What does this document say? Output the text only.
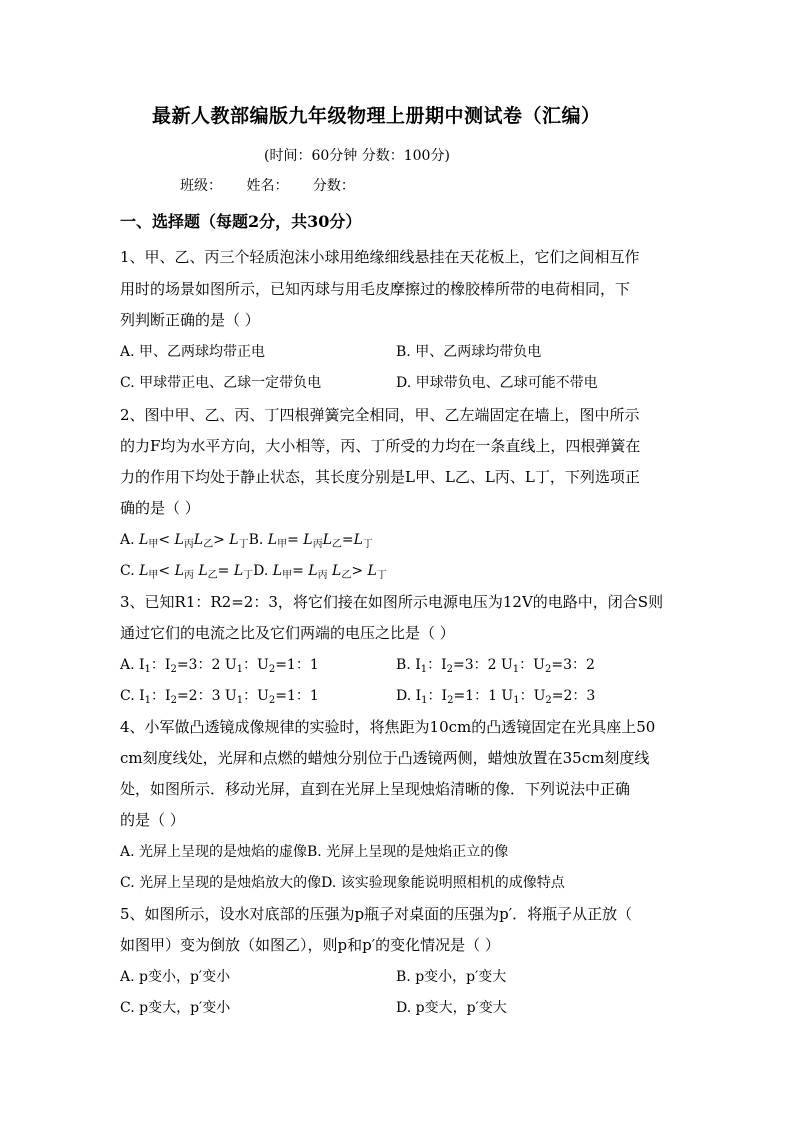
最新人教部编版九年级物理上册期中测试卷（汇编）
(时间：60分钟 分数：100分)
班级： 姓名： 分数：
一、选择题（每题2分，共30分）
1、甲、乙、丙三个轻质泡沫小球用绝缘细线悬挂在天花板上，它们之间相互作
用时的场景如图所示，已知丙球与用毛皮摩擦过的橡胶棒所带的电荷相同，下
列判断正确的是（ ）
A. 甲、乙两球均带正电	B. 甲、乙两球均带负电
C. 甲球带正电、乙球一定带负电	D. 甲球带负电、乙球可能不带电
2、图中甲、乙、丙、丁四根弹簧完全相同，甲、乙左端固定在墙上，图中所示
的力F均为水平方向，大小相等，丙、丁所受的力均在一条直线上，四根弹簧在
力的作用下均处于静止状态，其长度分别是L甲、L乙、L丙、L丁，下列选项正
确的是（ ）
A. $L_甲< L_丙L_乙> L_丁B$. $L_甲= L_丙L_乙=L_丁$
C. $L_甲< L_丙$ $L_乙= L_丁D$. $L_甲= L_丙$ $L_乙> L_丁$
3、已知R1：R2=2：3，将它们接在如图所示电源电压为12V的电路中，闭合S则
通过它们的电流之比及它们两端的电压之比是（ ）
A. $I_1$：$I_2=3$：2 $U_1$：$U_2=1$：1	B. $I_1$：$I_2=3$：2 $U_1$：$U_2=3$：2
C. $I_1$：$I_2=2$：3 $U_1$：$U_2=1$：1	D. $I_1$：$I_2=1$：1 $U_1$：$U_2=2$：3
4、小军做凸透镜成像规律的实验时，将焦距为10cm的凸透镜固定在光具座上50
cm刻度线处，光屏和点燃的蜡烛分别位于凸透镜两侧，蜡烛放置在35cm刻度线
处，如图所示．移动光屏，直到在光屏上呈现烛焰清晰的像．下列说法中正确
的是（ ）
A. 光屏上呈现的是烛焰的虚像B. 光屏上呈现的是烛焰正立的像
C. 光屏上呈现的是烛焰放大的像D. 该实验现象能说明照相机的成像特点
5、如图所示，设水对底部的压强为p瓶子对桌面的压强为p′．将瓶子从正放（
如图甲）变为倒放（如图乙），则p和p′的变化情况是（ ）
A. p变小，p′变小	B. p变小，p′变大
C. p变大，p′变小	D. p变大，p′变大
